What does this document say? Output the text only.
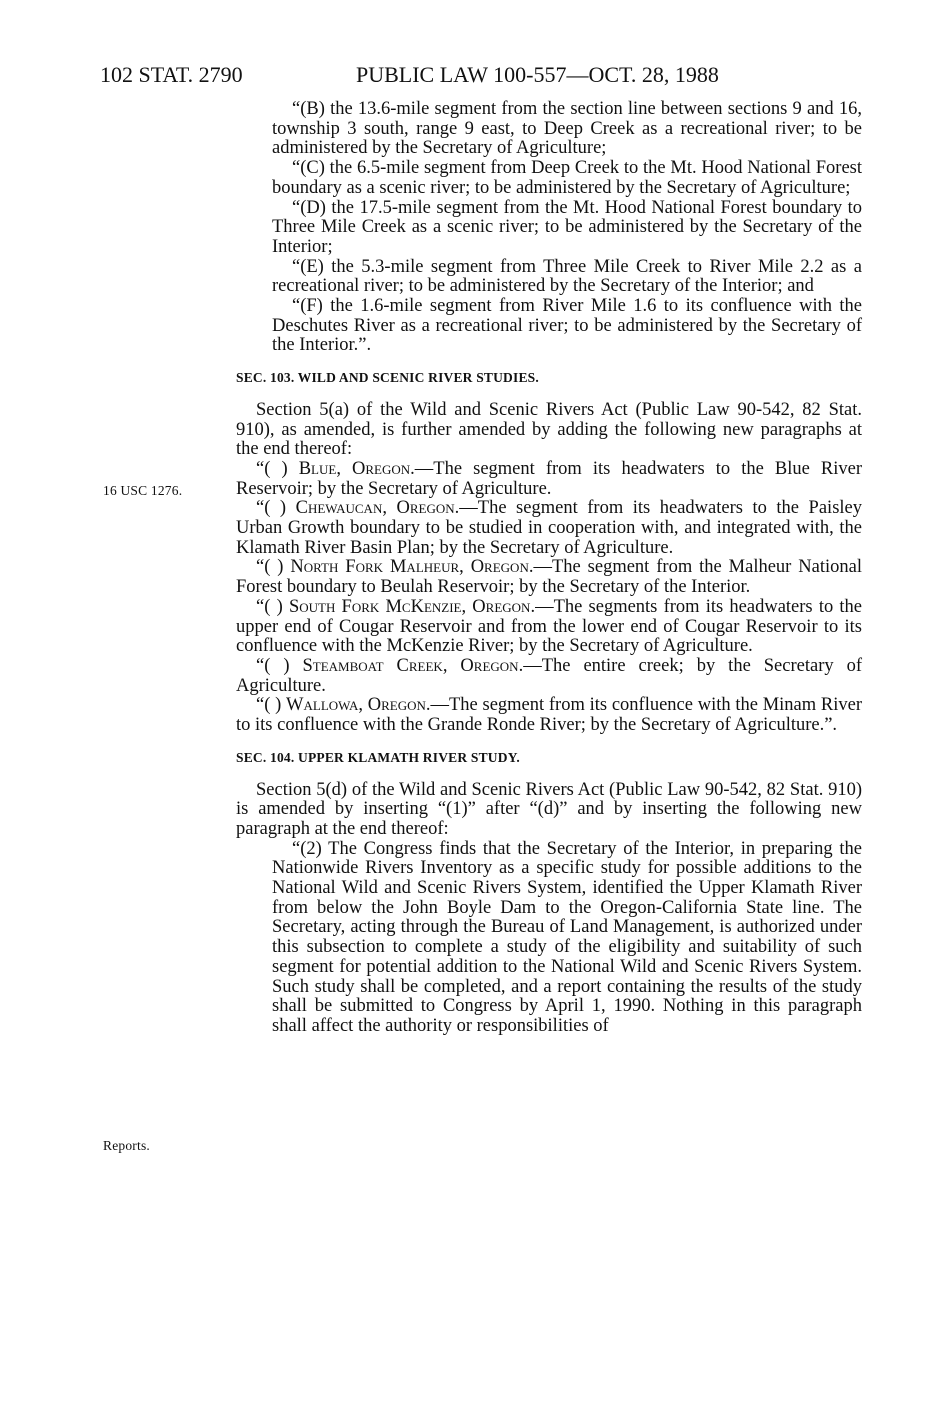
102 STAT. 2790	PUBLIC LAW 100-557—OCT. 28, 1988
16 USC 1276.
Reports.

“(B) the 13.6-mile segment from the section line between sections 9 and 16, township 3 south, range 9 east, to Deep Creek as a recreational river; to be administered by the Secretary of Agriculture;

“(C) the 6.5-mile segment from Deep Creek to the Mt. Hood National Forest boundary as a scenic river; to be administered by the Secretary of Agriculture;

“(D) the 17.5-mile segment from the Mt. Hood National Forest boundary to Three Mile Creek as a scenic river; to be administered by the Secretary of the Interior;

“(E) the 5.3-mile segment from Three Mile Creek to River Mile 2.2 as a recreational river; to be administered by the Secretary of the Interior; and

“(F) the 1.6-mile segment from River Mile 1.6 to its confluence with the Deschutes River as a recreational river; to be administered by the Secretary of the Interior.”.

SEC. 103. WILD AND SCENIC RIVER STUDIES.

Section 5(a) of the Wild and Scenic Rivers Act (Public Law 90-542, 82 Stat. 910), as amended, is further amended by adding the following new paragraphs at the end thereof:

“( ) Blue, Oregon.—The segment from its headwaters to the Blue River Reservoir; by the Secretary of Agriculture.

“( ) Chewaucan, Oregon.—The segment from its headwaters to the Paisley Urban Growth boundary to be studied in cooperation with, and integrated with, the Klamath River Basin Plan; by the Secretary of Agriculture.

“( ) North Fork Malheur, Oregon.—The segment from the Malheur National Forest boundary to Beulah Reservoir; by the Secretary of the Interior.

“( ) South Fork McKenzie, Oregon.—The segments from its headwaters to the upper end of Cougar Reservoir and from the lower end of Cougar Reservoir to its confluence with the McKenzie River; by the Secretary of Agriculture.

“( ) Steamboat Creek, Oregon.—The entire creek; by the Secretary of Agriculture.

“( ) Wallowa, Oregon.—The segment from its confluence with the Minam River to its confluence with the Grande Ronde River; by the Secretary of Agriculture.”.

SEC. 104. UPPER KLAMATH RIVER STUDY.

Section 5(d) of the Wild and Scenic Rivers Act (Public Law 90-542, 82 Stat. 910) is amended by inserting “(1)” after “(d)” and by inserting the following new paragraph at the end thereof:

“(2) The Congress finds that the Secretary of the Interior, in preparing the Nationwide Rivers Inventory as a specific study for possible additions to the National Wild and Scenic Rivers System, identified the Upper Klamath River from below the John Boyle Dam to the Oregon-California State line. The Secretary, acting through the Bureau of Land Management, is authorized under this subsection to complete a study of the eligibility and suitability of such segment for potential addition to the National Wild and Scenic Rivers System. Such study shall be completed, and a report containing the results of the study shall be submitted to Congress by April 1, 1990. Nothing in this paragraph shall affect the authority or responsibilities of
